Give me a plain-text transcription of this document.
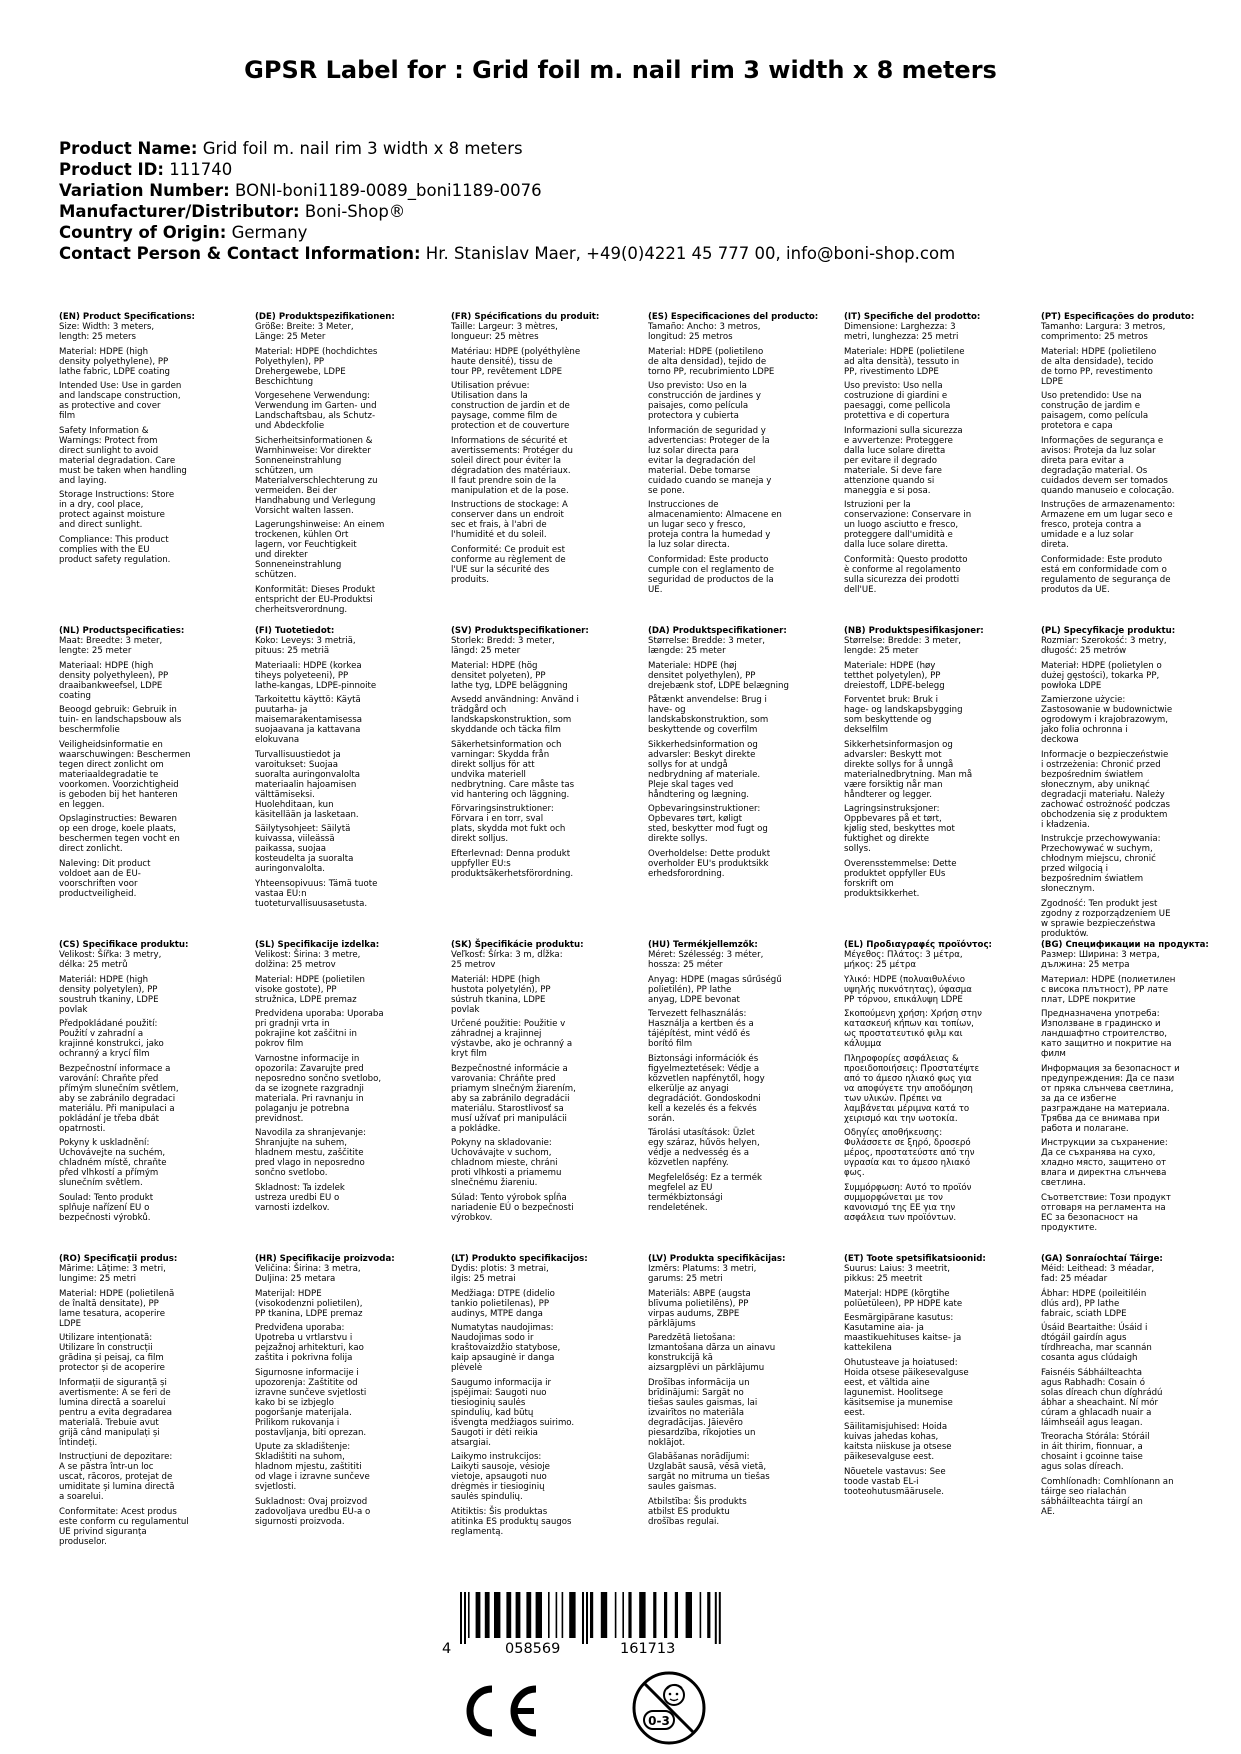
GPSR Label for : Grid foil m. nail rim 3 width x 8 meters
Product Name: Grid foil m. nail rim 3 width x 8 meters
Product ID: 111740
Variation Number: BONI-boni1189-0089_boni1189-0076
Manufacturer/Distributor: Boni-Shop®
Country of Origin: Germany
Contact Person & Contact Information: Hr. Stanislav Maer, +49(0)4221 45 777 00, info@boni-shop.com
(EN) Product Specifications:

Size: Width: 3 meters,
length: 25 meters

Material: HDPE (high
density polyethylene), PP
lathe fabric, LDPE coating

Intended Use: Use in garden
and landscape construction,
as protective and cover
film

Safety Information &
Warnings: Protect from
direct sunlight to avoid
material degradation. Care
must be taken when handling
and laying.

Storage Instructions: Store
in a dry, cool place,
protect against moisture
and direct sunlight.

Compliance: This product
complies with the EU
product safety regulation.

(DE) Produktspezifikationen:

Größe: Breite: 3 Meter,
Länge: 25 Meter

Material: HDPE (hochdichtes
Polyethylen), PP
Drehergewebe, LDPE
Beschichtung

Vorgesehene Verwendung:
Verwendung im Garten- und
Landschaftsbau, als Schutz-
und Abdeckfolie

Sicherheitsinformationen &
Warnhinweise: Vor direkter
Sonneneinstrahlung
schützen, um
Materialverschlechterung zu
vermeiden. Bei der
Handhabung und Verlegung
Vorsicht walten lassen.

Lagerungshinweise: An einem
trockenen, kühlen Ort
lagern, vor Feuchtigkeit
und direkter
Sonneneinstrahlung
schützen.

Konformität: Dieses Produkt
entspricht der EU-Produktsi
cherheitsverordnung.

(FR) Spécifications du produit:

Taille: Largeur: 3 mètres,
longueur: 25 mètres

Matériau: HDPE (polyéthylène
haute densité), tissu de
tour PP, revêtement LDPE

Utilisation prévue:
Utilisation dans la
construction de jardin et de
paysage, comme film de
protection et de couverture

Informations de sécurité et
avertissements: Protéger du
soleil direct pour éviter la
dégradation des matériaux.
Il faut prendre soin de la
manipulation et de la pose.

Instructions de stockage: A
conserver dans un endroit
sec et frais, à l'abri de
l'humidité et du soleil.

Conformité: Ce produit est
conforme au règlement de
l'UE sur la sécurité des
produits.

(ES) Especificaciones del producto:

Tamaño: Ancho: 3 metros,
longitud: 25 metros

Material: HDPE (polietileno
de alta densidad), tejido de
torno PP, recubrimiento LDPE

Uso previsto: Uso en la
construcción de jardines y
paisajes, como película
protectora y cubierta

Información de seguridad y
advertencias: Proteger de la
luz solar directa para
evitar la degradación del
material. Debe tomarse
cuidado cuando se maneja y
se pone.

Instrucciones de
almacenamiento: Almacene en
un lugar seco y fresco,
proteja contra la humedad y
la luz solar directa.

Conformidad: Este producto
cumple con el reglamento de
seguridad de productos de la
UE.

(IT) Specifiche del prodotto:

Dimensione: Larghezza: 3
metri, lunghezza: 25 metri

Materiale: HDPE (polietilene
ad alta densità), tessuto in
PP, rivestimento LDPE

Uso previsto: Uso nella
costruzione di giardini e
paesaggi, come pellicola
protettiva e di copertura

Informazioni sulla sicurezza
e avvertenze: Proteggere
dalla luce solare diretta
per evitare il degrado
materiale. Si deve fare
attenzione quando si
maneggia e si posa.

Istruzioni per la
conservazione: Conservare in
un luogo asciutto e fresco,
proteggere dall'umidità e
dalla luce solare diretta.

Conformità: Questo prodotto
è conforme al regolamento
sulla sicurezza dei prodotti
dell'UE.

(PT) Especificações do produto:

Tamanho: Largura: 3 metros,
comprimento: 25 metros

Material: HDPE (polietileno
de alta densidade), tecido
de torno PP, revestimento
LDPE

Uso pretendido: Use na
construção de jardim e
paisagem, como película
protetora e capa

Informações de segurança e
avisos: Proteja da luz solar
direta para evitar a
degradação material. Os
cuidados devem ser tomados
quando manuseio e colocação.

Instruções de armazenamento:
Armazene em um lugar seco e
fresco, proteja contra a
umidade e a luz solar
direta.

Conformidade: Este produto
está em conformidade com o
regulamento de segurança de
produtos da UE.

(NL) Productspecificaties:

Maat: Breedte: 3 meter,
lengte: 25 meter

Materiaal: HDPE (high
density polyethyleen), PP
draaibankweefsel, LDPE
coating

Beoogd gebruik: Gebruik in
tuin- en landschapsbouw als
beschermfolie

Veiligheidsinformatie en
waarschuwingen: Beschermen
tegen direct zonlicht om
materiaaldegradatie te
voorkomen. Voorzichtigheid
is geboden bij het hanteren
en leggen.

Opslaginstructies: Bewaren
op een droge, koele plaats,
beschermen tegen vocht en
direct zonlicht.

Naleving: Dit product
voldoet aan de EU-
voorschriften voor
productveiligheid.

(FI) Tuotetiedot:

Koko: Leveys: 3 metriä,
pituus: 25 metriä

Materiaali: HDPE (korkea
tiheys polyeteeni), PP
lathe-kangas, LDPE-pinnoite

Tarkoitettu käyttö: Käytä
puutarha- ja
maisemarakentamisessa
suojaavana ja kattavana
elokuvana

Turvallisuustiedot ja
varoitukset: Suojaa
suoralta auringonvalolta
materiaalin hajoamisen
välttämiseksi.
Huolehditaan, kun
käsitellään ja lasketaan.

Säilytysohjeet: Säilytä
kuivassa, viileässä
paikassa, suojaa
kosteudelta ja suoralta
auringonvalolta.

Yhteensopivuus: Tämä tuote
vastaa EU:n
tuoteturvallisuusasetusta.

(SV) Produktspecifikationer:

Storlek: Bredd: 3 meter,
längd: 25 meter

Material: HDPE (hög
densitet polyeten), PP
lathe tyg, LDPE beläggning

Avsedd användning: Använd i
trädgård och
landskapskonstruktion, som
skyddande och täcka film

Säkerhetsinformation och
varningar: Skydda från
direkt solljus för att
undvika materiell
nedbrytning. Care måste tas
vid hantering och läggning.

Förvaringsinstruktioner:
Förvara i en torr, sval
plats, skydda mot fukt och
direkt solljus.

Efterlevnad: Denna produkt
uppfyller EU:s
produktsäkerhetsförordning.

(DA) Produktspecifikationer:

Størrelse: Bredde: 3 meter,
længde: 25 meter

Materiale: HDPE (høj
densitet polyethylen), PP
drejebænk stof, LDPE belægning

Påtænkt anvendelse: Brug i
have- og
landskabskonstruktion, som
beskyttende og coverfilm

Sikkerhedsinformation og
advarsler: Beskyt direkte
sollys for at undgå
nedbrydning af materiale.
Pleje skal tages ved
håndtering og lægning.

Opbevaringsinstruktioner:
Opbevares tørt, køligt
sted, beskytter mod fugt og
direkte sollys.

Overholdelse: Dette produkt
overholder EU's produktsikk
erhedsforordning.

(NB) Produktspesifikasjoner:

Størrelse: Bredde: 3 meter,
lengde: 25 meter

Materiale: HDPE (høy
tetthet polyetylen), PP
dreiestoff, LDPE-belegg

Forventet bruk: Bruk i
hage- og landskapsbygging
som beskyttende og
dekselfilm

Sikkerhetsinformasjon og
advarsler: Beskytt mot
direkte sollys for å unngå
materialnedbrytning. Man må
være forsiktig når man
håndterer og legger.

Lagringsinstruksjoner:
Oppbevares på et tørt,
kjølig sted, beskyttes mot
fuktighet og direkte
sollys.

Overensstemmelse: Dette
produktet oppfyller EUs
forskrift om
produktsikkerhet.

(PL) Specyfikacje produktu:

Rozmiar: Szerokość: 3 metry,
długość: 25 metrów

Materiał: HDPE (polietylen o
dużej gęstości), tokarka PP,
powłoka LDPE

Zamierzone użycie:
Zastosowanie w budownictwie
ogrodowym i krajobrazowym,
jako folia ochronna i
deckowa

Informacje o bezpieczeństwie
i ostrzeżenia: Chronić przed
bezpośrednim światłem
słonecznym, aby uniknąć
degradacji materiału. Należy
zachować ostrożność podczas
obchodzenia się z produktem
i kładzenia.

Instrukcje przechowywania:
Przechowywać w suchym,
chłodnym miejscu, chronić
przed wilgocią i
bezpośrednim światłem
słonecznym.

Zgodność: Ten produkt jest
zgodny z rozporządzeniem UE
w sprawie bezpieczeństwa
produktów.

(CS) Specifikace produktu:

Velikost: Šířka: 3 metry,
délka: 25 metrů

Materiál: HDPE (high
density polyetylen), PP
soustruh tkaniny, LDPE
povlak

Předpokládané použití:
Použití v zahradní a
krajinné konstrukci, jako
ochranný a krycí film

Bezpečnostní informace a
varování: Chraňte před
přímým slunečním světlem,
aby se zabránilo degradaci
materiálu. Při manipulaci a
pokládání je třeba dbát
opatrnosti.

Pokyny k uskladnění:
Uchovávejte na suchém,
chladném místě, chraňte
před vlhkostí a přímým
slunečním světlem.

Soulad: Tento produkt
splňuje nařízení EU o
bezpečnosti výrobků.

(SL) Specifikacije izdelka:

Velikost: Širina: 3 metre,
dolžina: 25 metrov

Material: HDPE (polietilen
visoke gostote), PP
stružnica, LDPE premaz

Predvidena uporaba: Uporaba
pri gradnji vrta in
pokrajine kot zaščitni in
pokrov film

Varnostne informacije in
opozorila: Zavarujte pred
neposredno sončno svetlobo,
da se izognete razgradnji
materiala. Pri ravnanju in
polaganju je potrebna
previdnost.

Navodila za shranjevanje:
Shranjujte na suhem,
hladnem mestu, zaščitite
pred vlago in neposredno
sončno svetlobo.

Skladnost: Ta izdelek
ustreza uredbi EU o
varnosti izdelkov.

(SK) Špecifikácie produktu:

Veľkosť: Šírka: 3 m, dĺžka:
25 metrov

Materiál: HDPE (high
hustota polyetylén), PP
sústruh tkanina, LDPE
povlak

Určené použitie: Použitie v
záhradnej a krajinnej
výstavbe, ako je ochranný a
kryt film

Bezpečnostné informácie a
varovania: Chráňte pred
priamym slnečným žiarením,
aby sa zabránilo degradácii
materiálu. Starostlivosť sa
musí užívať pri manipulácii
a pokládke.

Pokyny na skladovanie:
Uchovávajte v suchom,
chladnom mieste, chráni
proti vlhkosti a priamemu
slnečnému žiareniu.

Súlad: Tento výrobok spĺňa
nariadenie EÚ o bezpečnosti
výrobkov.

(HU) Termékjellemzők:

Méret: Szélesség: 3 méter,
hossza: 25 méter

Anyag: HDPE (magas sűrűségű
polietilén), PP lathe
anyag, LDPE bevonat

Tervezett felhasználás:
Használja a kertben és a
tájépítést, mint védő és
borító film

Biztonsági információk és
figyelmeztetések: Védje a
közvetlen napfénytől, hogy
elkerülje az anyagi
degradációt. Gondoskodni
kell a kezelés és a fekvés
során.

Tárolási utasítások: Üzlet
egy száraz, hűvös helyen,
védje a nedvesség és a
közvetlen napfény.

Megfelelőség: Ez a termék
megfelel az EU
termékbiztonsági
rendeletének.

(EL) Προδιαγραφές προϊόντος:

Μέγεθος: Πλάτος: 3 μέτρα,
μήκος: 25 μέτρα

Υλικό: HDPE (πολυαιθυλένιο
υψηλής πυκνότητας), ύφασμα
PP τόρνου, επικάλυψη LDPE

Σκοπούμενη χρήση: Χρήση στην
κατασκευή κήπων και τοπίων,
ως προστατευτικό φιλμ και
κάλυμμα

Πληροφορίες ασφάλειας &
προειδοποιήσεις: Προστατέψτε
από το άμεσο ηλιακό φως για
να αποφύγετε την αποδόμηση
των υλικών. Πρέπει να
λαμβάνεται μέριμνα κατά το
χειρισμό και την ωοτοκία.

Οδηγίες αποθήκευσης:
Φυλάσσετε σε ξηρό, δροσερό
μέρος, προστατεύστε από την
υγρασία και το άμεσο ηλιακό
φως.

Συμμόρφωση: Αυτό το προϊόν
συμμορφώνεται με τον
κανονισμό της ΕΕ για την
ασφάλεια των προϊόντων.

(BG) Спецификации на продукта:

Размер: Ширина: 3 метра,
дължина: 25 метра

Материал: HDPE (полиетилен
с висока плътност), PP лате
плат, LDPE покритие

Предназначена употреба:
Използване в градинско и
ландшафтно строителство,
като защитно и покритие на
филм

Информация за безопасност и
предупреждения: Да се пази
от пряка слънчева светлина,
за да се избегне
разграждане на материала.
Трябва да се внимава при
работа и полагане.

Инструкции за съхранение:
Да се съхранява на сухо,
хладно място, защитено от
влага и директна слънчева
светлина.

Съответствие: Този продукт
отговаря на регламента на
ЕС за безопасност на
продуктите.

(RO) Specificații produs:

Mărime: Lățime: 3 metri,
lungime: 25 metri

Material: HDPE (polietilenă
de înaltă densitate), PP
lame tesatura, acoperire
LDPE

Utilizare intenționată:
Utilizare în construcții
grădina și peisaj, ca film
protector și de acoperire

Informații de siguranță și
avertismente: A se feri de
lumina directă a soarelui
pentru a evita degradarea
materială. Trebuie avut
grijă când manipulați și
întindeți.

Instrucțiuni de depozitare:
A se păstra într-un loc
uscat, răcoros, protejat de
umiditate și lumina directă
a soarelui.

Conformitate: Acest produs
este conform cu regulamentul
UE privind siguranța
produselor.

(HR) Specifikacije proizvoda:

Veličina: Širina: 3 metra,
Duljina: 25 metara

Materijal: HDPE
(visokodenzni polietilen),
PP tkanina, LDPE premaz

Predviđena uporaba:
Upotreba u vrtlarstvu i
pejzažnoj arhitekturi, kao
zaštita i pokrivna folija

Sigurnosne informacije i
upozorenja: Zaštitite od
izravne sunčeve svjetlosti
kako bi se izbjeglo
pogoršanje materijala.
Prilikom rukovanja i
postavljanja, biti oprezan.

Upute za skladištenje:
Skladištiti na suhom,
hladnom mjestu, zaštititi
od vlage i izravne sunčeve
svjetlosti.

Sukladnost: Ovaj proizvod
zadovoljava uredbu EU-a o
sigurnosti proizvoda.

(LT) Produkto specifikacijos:

Dydis: plotis: 3 metrai,
ilgis: 25 metrai

Medžiaga: DTPE (didelio
tankio polietilenas), PP
audinys, MTPE danga

Numatytas naudojimas:
Naudojimas sodo ir
kraštovaizdžio statybose,
kaip apsauginė ir danga
plėvelė

Saugumo informacija ir
įspėjimai: Saugoti nuo
tiesioginių saulės
spindulių, kad būtų
išvengta medžiagos suirimo.
Saugoti ir dėti reikia
atsargiai.

Laikymo instrukcijos:
Laikyti sausoje, vėsioje
vietoje, apsaugoti nuo
drėgmės ir tiesioginių
saulės spindulių.

Atitiktis: Šis produktas
atitinka ES produktų saugos
reglamentą.

(LV) Produkta specifikācijas:

Izmērs: Platums: 3 metri,
garums: 25 metri

Materiāls: ABPE (augsta
blīvuma polietilēns), PP
virpas audums, ZBPE
pārklājums

Paredzētā lietošana:
Izmantošana dārza un ainavu
konstrukcijā kā
aizsargplēvi un pārklājumu

Drošības informācija un
brīdinājumi: Sargāt no
tiešas saules gaismas, lai
izvairītos no materiāla
degradācijas. Jāievēro
piesardzība, rīkojoties un
noklājot.

Glabāšanas norādījumi:
Uzglabāt sausā, vēsā vietā,
sargāt no mitruma un tiešas
saules gaismas.

Atbilstība: Šis produkts
atbilst ES produktu
drošības regulai.

(ET) Toote spetsifikatsioonid:

Suurus: Laius: 3 meetrit,
pikkus: 25 meetrit

Materjal: HDPE (kõrgtihe
polüetüleen), PP HDPE kate

Eesmärgipärane kasutus:
Kasutamine aia- ja
maastikuehituses kaitse- ja
kattekilena

Ohutusteave ja hoiatused:
Hoida otsese päikesevalguse
eest, et vältida aine
lagunemist. Hoolitsege
käsitsemise ja munemise
eest.

Säilitamisjuhised: Hoida
kuivas jahedas kohas,
kaitsta niiskuse ja otsese
päikesevalguse eest.

Nõuetele vastavus: See
toode vastab EL-i
tooteohutusmäärusele.

(GA) Sonraíochtaí Táirge:

Méid: Leithead: 3 méadar,
fad: 25 méadar

Ábhar: HDPE (poileitiléin
dlús ard), PP lathe
fabraic, sciath LDPE

Úsáid Beartaithe: Úsáid i
dtógáil gairdín agus
tírdhreacha, mar scannán
cosanta agus clúdaigh

Faisnéis Sábháilteachta
agus Rabhadh: Cosain ó
solas díreach chun díghrádú
ábhar a sheachaint. Ní mór
cúram a ghlacadh nuair a
láimhseáil agus leagan.

Treoracha Stórála: Stóráil
in áit thirim, fionnuar, a
chosaint i gcoinne taise
agus solas díreach.

Comhlíonadh: Comhlíonann an
táirge seo rialachán
sábháilteachta táirgí an
AE.

4	058569	161713
0-3
